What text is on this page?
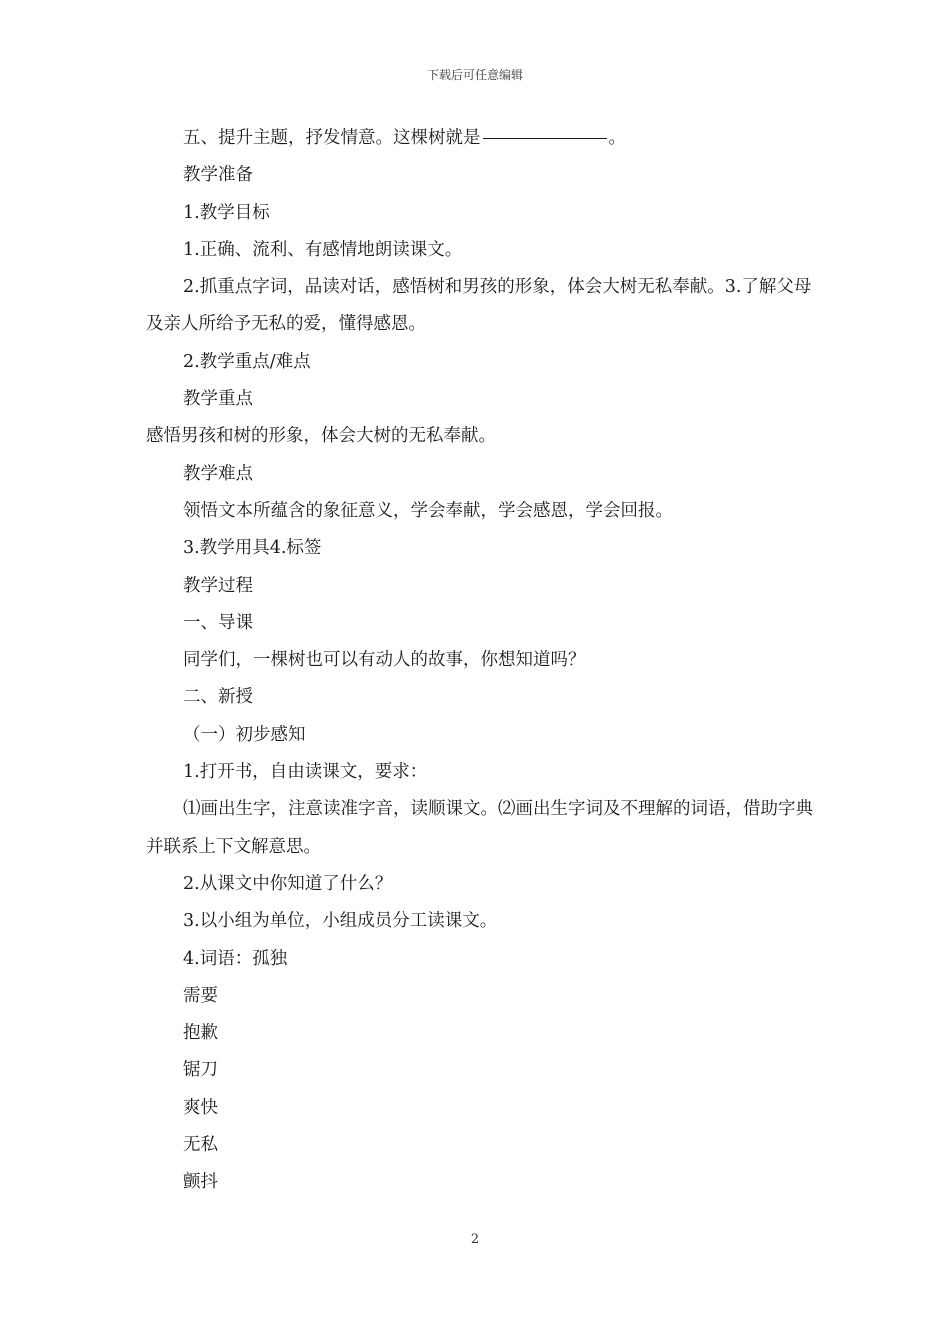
下载后可任意编辑

五、提升主题，抒发情意。这棵树就是	。

教学准备

1.教学目标

1.正确、流利、有感情地朗读课文。

2.抓重点字词，品读对话，感悟树和男孩的形象，体会大树无私奉献。3.了解父母及亲人所给予无私的爱，懂得感恩。

2.教学重点/难点

教学重点

感悟男孩和树的形象，体会大树的无私奉献。

教学难点

领悟文本所蕴含的象征意义，学会奉献，学会感恩，学会回报。

3.教学用具4.标签

教学过程

一、导课

同学们，一棵树也可以有动人的故事，你想知道吗？

二、新授

（一）初步感知

1.打开书，自由读课文，要求：

⑴画出生字，注意读准字音，读顺课文。⑵画出生字词及不理解的词语，借助字典并联系上下文解意思。

2.从课文中你知道了什么？

3.以小组为单位，小组成员分工读课文。

4.词语：孤独

需要

抱歉

锯刀

爽快

无私

颤抖

2
